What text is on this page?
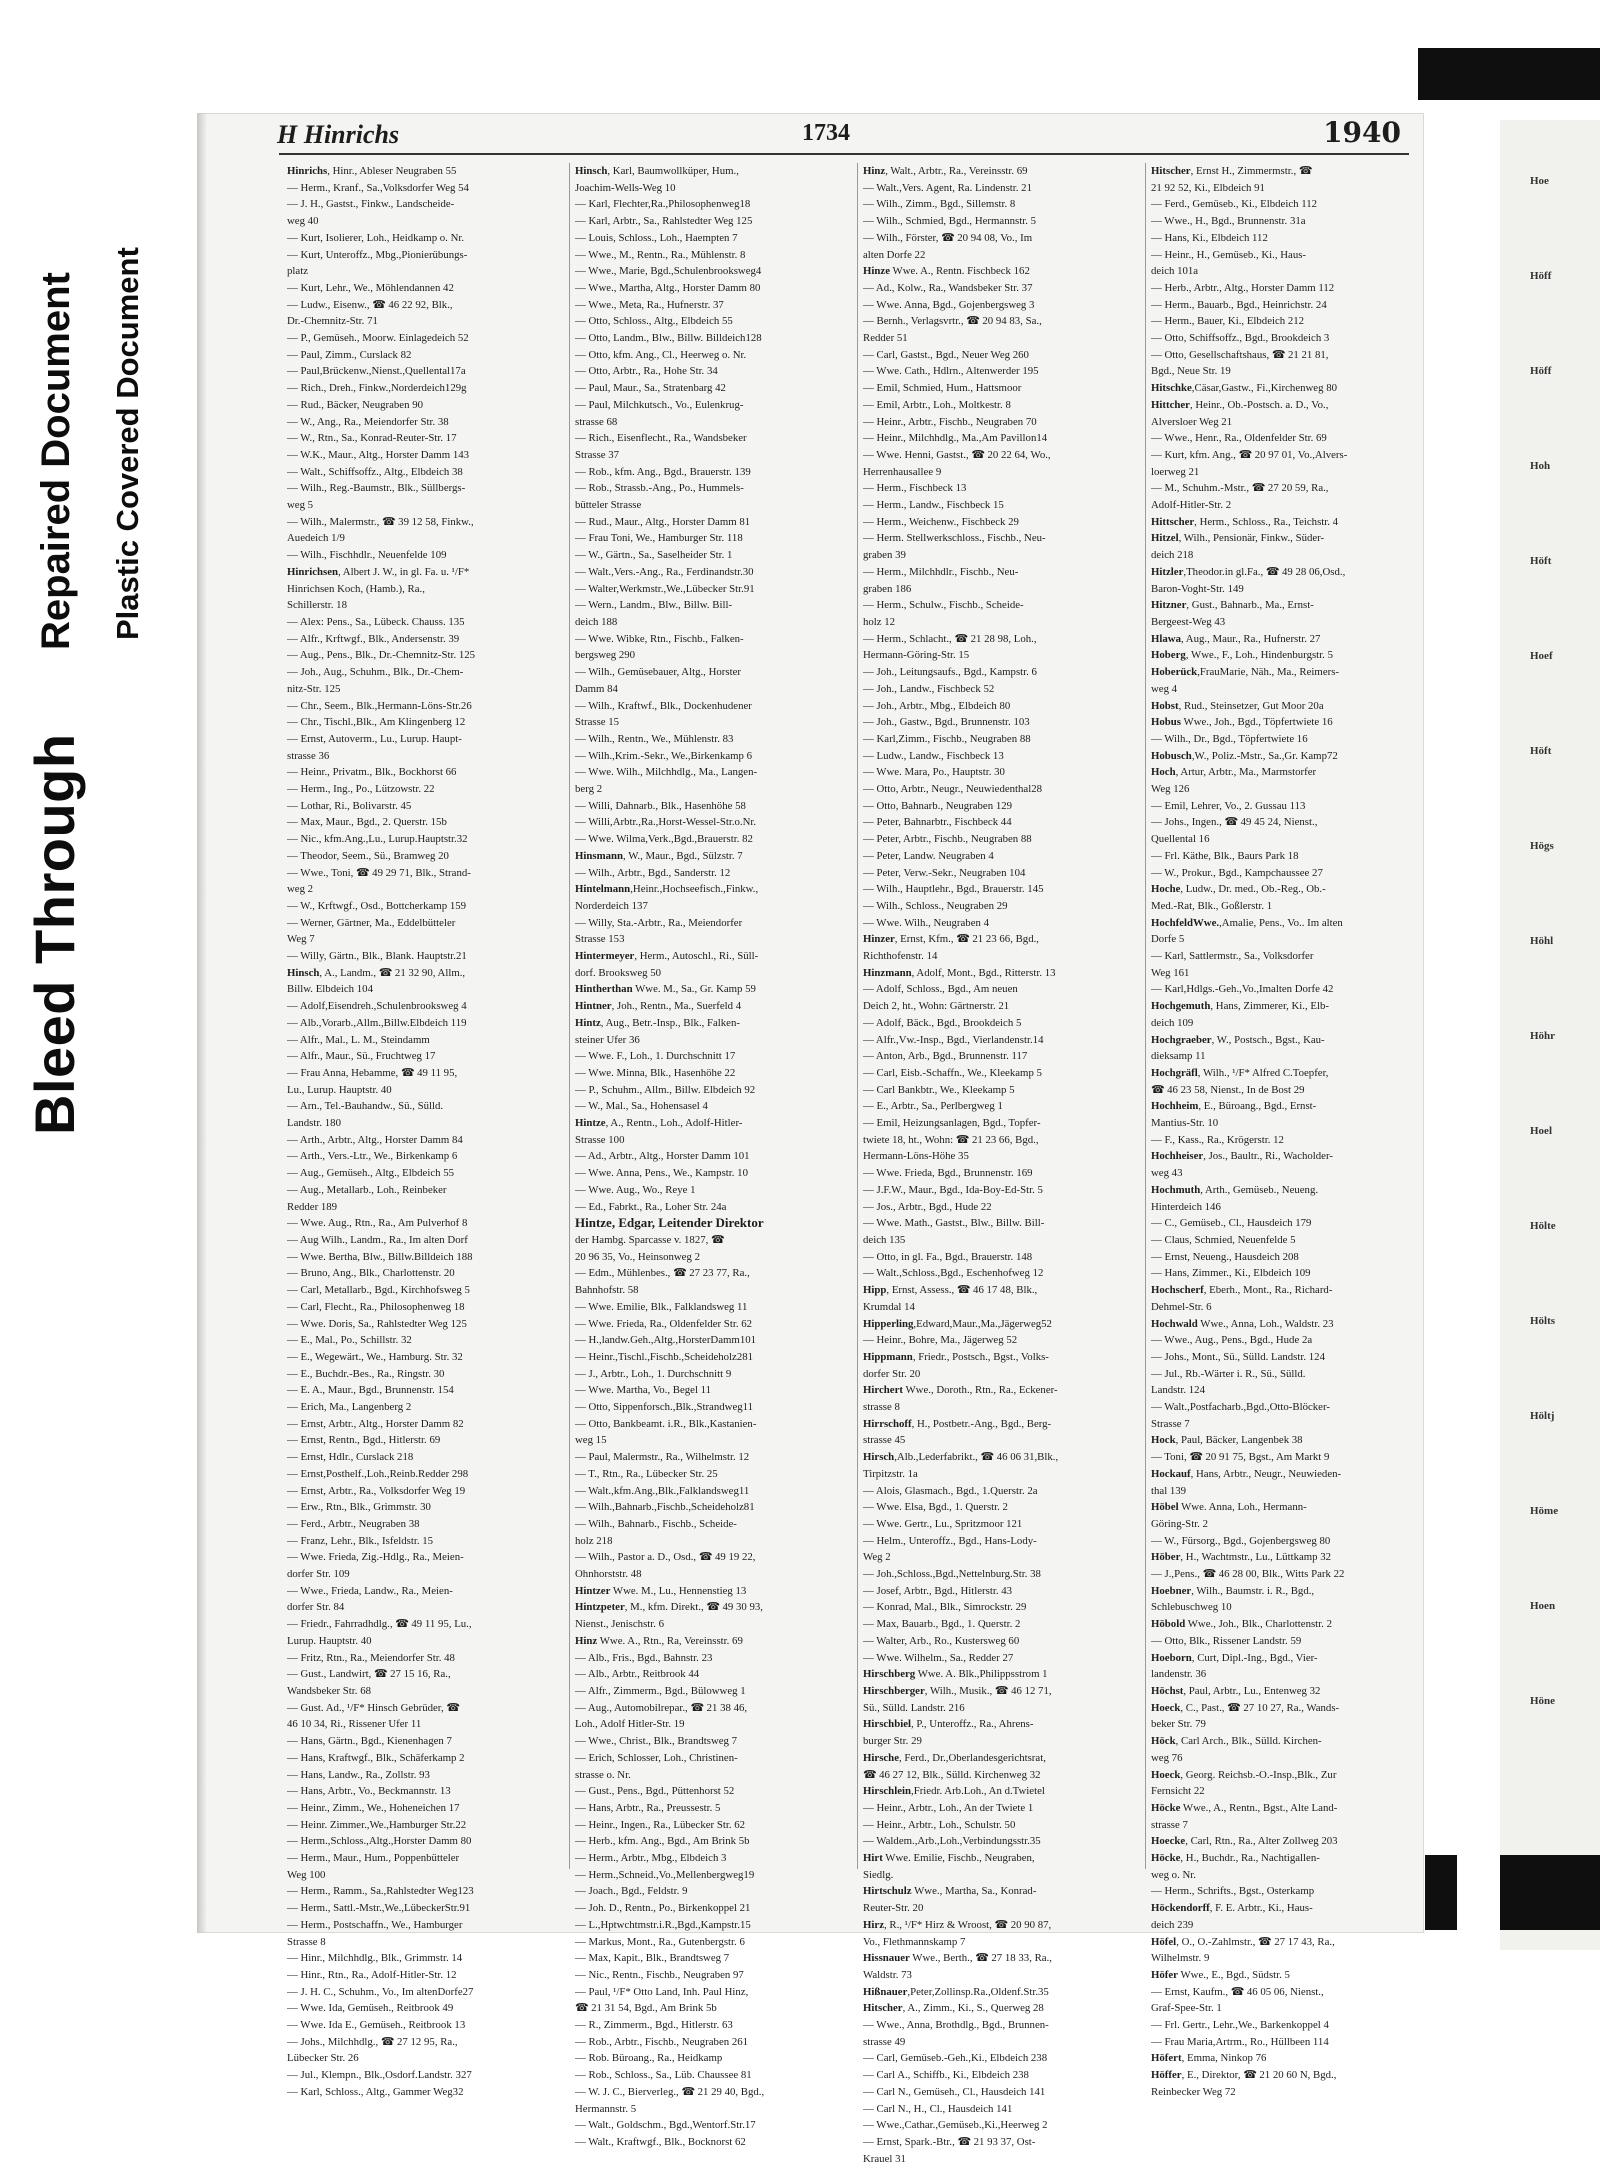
Bleed Through
Repaired Document Plastic Covered Document
Hoe
Höff
Höff
Hoh
Höft
Hoef
Höft
Högs
Höhl
Höhr
Hoel
Hölte
Hölts
Höltj
Höme
Hoen
Höne
H Hinrichs	1734	1940
Hinrichs, Hinr., Ableser Neugraben 55
— Herm., Kranf., Sa.,Volksdorfer Weg 54
— J. H., Gastst., Finkw., Landscheide-
weg 40
— Kurt, Isolierer, Loh., Heidkamp o. Nr.
— Kurt, Unteroffz., Mbg.,Pionierübungs-
platz
— Kurt, Lehr., We., Möhlendannen 42
— Ludw., Eisenw., ☎ 46 22 92, Blk.,
Dr.-Chemnitz-Str. 71
— P., Gemüseh., Moorw. Einlagedeich 52
— Paul, Zimm., Curslack 82
— Paul,Brückenw.,Nienst.,Quellental17a
— Rich., Dreh., Finkw.,Norderdeich129g
— Rud., Bäcker, Neugraben 90
— W., Ang., Ra., Meiendorfer Str. 38
— W., Rtn., Sa., Konrad-Reuter-Str. 17
— W.K., Maur., Altg., Horster Damm 143
— Walt., Schiffsoffz., Altg., Elbdeich 38
— Wilh., Reg.-Baumstr., Blk., Süllbergs-
weg 5
— Wilh., Malermstr., ☎ 39 12 58, Finkw.,
Auedeich 1/9
— Wilh., Fischhdlr., Neuenfelde 109
Hinrichsen, Albert J. W., in gl. Fa. u. ¹/F*
Hinrichsen Koch, (Hamb.), Ra.,
Schillerstr. 18
— Alex: Pens., Sa., Lübeck. Chauss. 135
— Alfr., Krftwgf., Blk., Andersenstr. 39
— Aug., Pens., Blk., Dr.-Chemnitz-Str. 125
— Joh., Aug., Schuhm., Blk., Dr.-Chem-
nitz-Str. 125
— Chr., Seem., Blk.,Hermann-Löns-Str.26
— Chr., Tischl.,Blk., Am Klingenberg 12
— Ernst, Autoverm., Lu., Lurup. Haupt-
strasse 36
— Heinr., Privatm., Blk., Bockhorst 66
— Herm., Ing., Po., Lützowstr. 22
— Lothar, Ri., Bolivarstr. 45
— Max, Maur., Bgd., 2. Querstr. 15b
— Nic., kfm.Ang.,Lu., Lurup.Hauptstr.32
— Theodor, Seem., Sü., Bramweg 20
— Wwe., Toni, ☎ 49 29 71, Blk., Strand-
weg 2
— W., Krftwgf., Osd., Bottcherkamp 159
— Werner, Gärtner, Ma., Eddelbütteler
Weg 7
— Willy, Gärtn., Blk., Blank. Hauptstr.21
Hinsch, A., Landm., ☎ 21 32 90, Allm.,
Billw. Elbdeich 104
— Adolf,Eisendreh.,Schulenbrooksweg 4
— Alb.,Vorarb.,Allm.,Billw.Elbdeich 119
— Alfr., Mal., L. M., Steindamm
— Alfr., Maur., Sü., Fruchtweg 17
— Frau Anna, Hebamme, ☎ 49 11 95,
Lu., Lurup. Hauptstr. 40
— Arn., Tel.-Bauhandw., Sü., Sülld.
Landstr. 180
— Arth., Arbtr., Altg., Horster Damm 84
— Arth., Vers.-Ltr., We., Birkenkamp 6
— Aug., Gemüseh., Altg., Elbdeich 55
— Aug., Metallarb., Loh., Reinbeker
Redder 189
— Wwe. Aug., Rtn., Ra., Am Pulverhof 8
— Aug Wilh., Landm., Ra., Im alten Dorf
— Wwe. Bertha, Blw., Billw.Billdeich 188
— Bruno, Ang., Blk., Charlottenstr. 20
— Carl, Metallarb., Bgd., Kirchhofsweg 5
— Carl, Flecht., Ra., Philosophenweg 18
— Wwe. Doris, Sa., Rahlstedter Weg 125
— E., Mal., Po., Schillstr. 32
— E., Wegewärt., We., Hamburg. Str. 32
— E., Buchdr.-Bes., Ra., Ringstr. 30
— E. A., Maur., Bgd., Brunnenstr. 154
— Erich, Ma., Langenberg 2
— Ernst, Arbtr., Altg., Horster Damm 82
— Ernst, Rentn., Bgd., Hitlerstr. 69
— Ernst, Hdlr., Curslack 218
— Ernst,Posthelf.,Loh.,Reinb.Redder 298
— Ernst, Arbtr., Ra., Volksdorfer Weg 19
— Erw., Rtn., Blk., Grimmstr. 30
— Ferd., Arbtr., Neugraben 38
— Franz, Lehr., Blk., Isfeldstr. 15
— Wwe. Frieda, Zig.-Hdlg., Ra., Meien-
dorfer Str. 109
— Wwe., Frieda, Landw., Ra., Meien-
dorfer Str. 84
— Friedr., Fahrradhdlg., ☎ 49 11 95, Lu.,
Lurup. Hauptstr. 40
— Fritz, Rtn., Ra., Meiendorfer Str. 48
— Gust., Landwirt, ☎ 27 15 16, Ra.,
Wandsbeker Str. 68
— Gust. Ad., ¹/F* Hinsch Gebrüder, ☎
46 10 34, Ri., Rissener Ufer 11
— Hans, Gärtn., Bgd., Kienenhagen 7
— Hans, Kraftwgf., Blk., Schäferkamp 2
— Hans, Landw., Ra., Zollstr. 93
— Hans, Arbtr., Vo., Beckmannstr. 13
— Heinr., Zimm., We., Hoheneichen 17
— Heinr. Zimmer.,We.,Hamburger Str.22
— Herm.,Schloss.,Altg.,Horster Damm 80
— Herm., Maur., Hum., Poppenbütteler
Weg 100
— Herm., Ramm., Sa.,Rahlstedter Weg123
— Herm., Sattl.-Mstr.,We.,LübeckerStr.91
— Herm., Postschaffn., We., Hamburger
Strasse 8
— Hinr., Milchhdlg., Blk., Grimmstr. 14
— Hinr., Rtn., Ra., Adolf-Hitler-Str. 12
— J. H. C., Schuhm., Vo., Im altenDorfe27
— Wwe. Ida, Gemüseh., Reitbrook 49
— Wwe. Ida E., Gemüseh., Reitbrook 13
— Johs., Milchhdlg., ☎ 27 12 95, Ra.,
Lübecker Str. 26
— Jul., Klempn., Blk.,Osdorf.Landstr. 327
— Karl, Schloss., Altg., Gammer Weg32
Hinsch, Karl, Baumwollküper, Hum.,
Joachim-Wells-Weg 10
— Karl, Flechter,Ra.,Philosophenweg18
— Karl, Arbtr., Sa., Rahlstedter Weg 125
— Louis, Schloss., Loh., Haempten 7
— Wwe., M., Rentn., Ra., Mühlenstr. 8
— Wwe., Marie, Bgd.,Schulenbrooksweg4
— Wwe., Martha, Altg., Horster Damm 80
— Wwe., Meta, Ra., Hufnerstr. 37
— Otto, Schloss., Altg., Elbdeich 55
— Otto, Landm., Blw., Billw. Billdeich128
— Otto, kfm. Ang., Cl., Heerweg o. Nr.
— Otto, Arbtr., Ra., Hohe Str. 34
— Paul, Maur., Sa., Stratenbarg 42
— Paul, Milchkutsch., Vo., Eulenkrug-
strasse 68
— Rich., Eisenflecht., Ra., Wandsbeker
Strasse 37
— Rob., kfm. Ang., Bgd., Brauerstr. 139
— Rob., Strassb.-Ang., Po., Hummels-
bütteler Strasse
— Rud., Maur., Altg., Horster Damm 81
— Frau Toni, We., Hamburger Str. 118
— W., Gärtn., Sa., Saselheider Str. 1
— Walt.,Vers.-Ang., Ra., Ferdinandstr.30
— Walter,Werkmstr.,We.,Lübecker Str.91
— Wern., Landm., Blw., Billw. Bill-
deich 188
— Wwe. Wibke, Rtn., Fischb., Falken-
bergsweg 290
— Wilh., Gemüsebauer, Altg., Horster
Damm 84
— Wilh., Kraftwf., Blk., Dockenhudener
Strasse 15
— Wilh., Rentn., We., Mühlenstr. 83
— Wilh.,Krim.-Sekr., We.,Birkenkamp 6
— Wwe. Wilh., Milchhdlg., Ma., Langen-
berg 2
— Willi, Dahnarb., Blk., Hasenhöhe 58
— Willi,Arbtr.,Ra.,Horst-Wessel-Str.o.Nr.
— Wwe. Wilma,Verk.,Bgd.,Brauerstr. 82
Hinsmann, W., Maur., Bgd., Sülzstr. 7
— Wilh., Arbtr., Bgd., Sanderstr. 12
Hintelmann,Heinr.,Hochseefisch.,Finkw.,
Norderdeich 137
— Willy, Sta.-Arbtr., Ra., Meiendorfer
Strasse 153
Hintermeyer, Herm., Autoschl., Ri., Süll-
dorf. Brooksweg 50
Hintherthan Wwe. M., Sa., Gr. Kamp 59
Hintner, Joh., Rentn., Ma., Suerfeld 4
Hintz, Aug., Betr.-Insp., Blk., Falken-
steiner Ufer 36
— Wwe. F., Loh., 1. Durchschnitt 17
— Wwe. Minna, Blk., Hasenhöhe 22
— P., Schuhm., Allm., Billw. Elbdeich 92
— W., Mal., Sa., Hohensasel 4
Hintze, A., Rentn., Loh., Adolf-Hitler-
Strasse 100
— Ad., Arbtr., Altg., Horster Damm 101
— Wwe. Anna, Pens., We., Kampstr. 10
— Wwe. Aug., Wo., Reye 1
— Ed., Fabrkt., Ra., Loher Str. 24a
Hintze, Edgar, Leitender Direktor
der Hambg. Sparcasse v. 1827, ☎
20 96 35, Vo., Heinsonweg 2
— Edm., Mühlenbes., ☎ 27 23 77, Ra.,
Bahnhofstr. 58
— Wwe. Emilie, Blk., Falklandsweg 11
— Wwe. Frieda, Ra., Oldenfelder Str. 62
— H.,landw.Geh.,Altg.,HorsterDamm101
— Heinr.,Tischl.,Fischb.,Scheideholz281
— J., Arbtr., Loh., 1. Durchschnitt 9
— Wwe. Martha, Vo., Begel 11
— Otto, Sippenforsch.,Blk.,Strandweg11
— Otto, Bankbeamt. i.R., Blk.,Kastanien-
weg 15
— Paul, Malermstr., Ra., Wilhelmstr. 12
— T., Rtn., Ra., Lübecker Str. 25
— Walt.,kfm.Ang.,Blk.,Falklandsweg11
— Wilh.,Bahnarb.,Fischb.,Scheideholz81
— Wilh., Bahnarb., Fischb., Scheide-
holz 218
— Wilh., Pastor a. D., Osd., ☎ 49 19 22,
Ohnhorststr. 48
Hintzer Wwe. M., Lu., Hennenstieg 13
Hintzpeter, M., kfm. Direkt., ☎ 49 30 93,
Nienst., Jenischstr. 6
Hinz Wwe. A., Rtn., Ra, Vereinsstr. 69
— Alb., Fris., Bgd., Bahnstr. 23
— Alb., Arbtr., Reitbrook 44
— Alfr., Zimmerm., Bgd., Bülowweg 1
— Aug., Automobilrepar., ☎ 21 38 46,
Loh., Adolf Hitler-Str. 19
— Wwe., Christ., Blk., Brandtsweg 7
— Erich, Schlosser, Loh., Christinen-
strasse o. Nr.
— Gust., Pens., Bgd., Püttenhorst 52
— Hans, Arbtr., Ra., Preussestr. 5
— Heinr., Ingen., Ra., Lübecker Str. 62
— Herb., kfm. Ang., Bgd., Am Brink 5b
— Herm., Arbtr., Mbg., Elbdeich 3
— Herm.,Schneid.,Vo.,Mellenbergweg19
— Joach., Bgd., Feldstr. 9
— Joh. D., Rentn., Po., Birkenkoppel 21
— L.,Hptwchtmstr.i.R.,Bgd.,Kampstr.15
— Markus, Mont., Ra., Gutenbergstr. 6
— Max, Kapit., Blk., Brandtsweg 7
— Nic., Rentn., Fischb., Neugraben 97
— Paul, ¹/F* Otto Land, Inh. Paul Hinz,
☎ 21 31 54, Bgd., Am Brink 5b
— R., Zimmerm., Bgd., Hitlerstr. 63
— Rob., Arbtr., Fischb., Neugraben 261
— Rob. Büroang., Ra., Heidkamp
— Rob., Schloss., Sa., Lüb. Chaussee 81
— W. J. C., Bierverleg., ☎ 21 29 40, Bgd.,
Hermannstr. 5
— Walt., Goldschm., Bgd.,Wentorf.Str.17
— Walt., Kraftwgf., Blk., Bocknorst 62
Hinz, Walt., Arbtr., Ra., Vereinsstr. 69
— Walt.,Vers. Agent, Ra. Lindenstr. 21
— Wilh., Zimm., Bgd., Sillemstr. 8
— Wilh., Schmied, Bgd., Hermannstr. 5
— Wilh., Förster, ☎ 20 94 08, Vo., Im
alten Dorfe 22
Hinze Wwe. A., Rentn. Fischbeck 162
— Ad., Kolw., Ra., Wandsbeker Str. 37
— Wwe. Anna, Bgd., Gojenbergsweg 3
— Bernh., Verlagsvrtr., ☎ 20 94 83, Sa.,
Redder 51
— Carl, Gastst., Bgd., Neuer Weg 260
— Wwe. Cath., Hdlrn., Altenwerder 195
— Emil, Schmied, Hum., Hattsmoor
— Emil, Arbtr., Loh., Moltkestr. 8
— Heinr., Arbtr., Fischb., Neugraben 70
— Heinr., Milchhdlg., Ma.,Am Pavillon14
— Wwe. Henni, Gastst., ☎ 20 22 64, Wo.,
Herrenhausallee 9
— Herm., Fischbeck 13
— Herm., Landw., Fischbeck 15
— Herm., Weichenw., Fischbeck 29
— Herm. Stellwerkschloss., Fischb., Neu-
graben 39
— Herm., Milchhdlr., Fischb., Neu-
graben 186
— Herm., Schulw., Fischb., Scheide-
holz 12
— Herm., Schlacht., ☎ 21 28 98, Loh.,
Hermann-Göring-Str. 15
— Joh., Leitungsaufs., Bgd., Kampstr. 6
— Joh., Landw., Fischbeck 52
— Joh., Arbtr., Mbg., Elbdeich 80
— Joh., Gastw., Bgd., Brunnenstr. 103
— Karl,Zimm., Fischb., Neugraben 88
— Ludw., Landw., Fischbeck 13
— Wwe. Mara, Po., Hauptstr. 30
— Otto, Arbtr., Neugr., Neuwiedenthal28
— Otto, Bahnarb., Neugraben 129
— Peter, Bahnarbtr., Fischbeck 44
— Peter, Arbtr., Fischb., Neugraben 88
— Peter, Landw. Neugraben 4
— Peter, Verw.-Sekr., Neugraben 104
— Wilh., Hauptlehr., Bgd., Brauerstr. 145
— Wilh., Schloss., Neugraben 29
— Wwe. Wilh., Neugraben 4
Hinzer, Ernst, Kfm., ☎ 21 23 66, Bgd.,
Richthofenstr. 14
Hinzmann, Adolf, Mont., Bgd., Ritterstr. 13
— Adolf, Schloss., Bgd., Am neuen
Deich 2, ht., Wohn: Gärtnerstr. 21
— Adolf, Bäck., Bgd., Brookdeich 5
— Alfr.,Vw.-Insp., Bgd., Vierlandenstr.14
— Anton, Arb., Bgd., Brunnenstr. 117
— Carl, Eisb.-Schaffn., We., Kleekamp 5
— Carl Bankbtr., We., Kleekamp 5
— E., Arbtr., Sa., Perlbergweg 1
— Emil, Heizungsanlagen, Bgd., Topfer-
twiete 18, ht., Wohn: ☎ 21 23 66, Bgd.,
Hermann-Löns-Höhe 35
— Wwe. Frieda, Bgd., Brunnenstr. 169
— J.F.W., Maur., Bgd., Ida-Boy-Ed-Str. 5
— Jos., Arbtr., Bgd., Hude 22
— Wwe. Math., Gastst., Blw., Billw. Bill-
deich 135
— Otto, in gl. Fa., Bgd., Brauerstr. 148
— Walt.,Schloss.,Bgd., Eschenhofweg 12
Hipp, Ernst, Assess., ☎ 46 17 48, Blk.,
Krumdal 14
Hipperling,Edward,Maur.,Ma.,Jägerweg52
— Heinr., Bohre, Ma., Jägerweg 52
Hippmann, Friedr., Postsch., Bgst., Volks-
dorfer Str. 20
Hirchert Wwe., Doroth., Rtn., Ra., Eckener-
strasse 8
Hirrschoff, H., Postbetr.-Ang., Bgd., Berg-
strasse 45
Hirsch,Alb.,Lederfabrikt., ☎ 46 06 31,Blk.,
Tirpitzstr. 1a
— Alois, Glasmach., Bgd., 1.Querstr. 2a
— Wwe. Elsa, Bgd., 1. Querstr. 2
— Wwe. Gertr., Lu., Spritzmoor 121
— Helm., Unteroffz., Bgd., Hans-Lody-
Weg 2
— Joh.,Schloss.,Bgd.,Nettelnburg.Str. 38
— Josef, Arbtr., Bgd., Hitlerstr. 43
— Konrad, Mal., Blk., Simrockstr. 29
— Max, Bauarb., Bgd., 1. Querstr. 2
— Walter, Arb., Ro., Kustersweg 60
— Wwe. Wilhelm., Sa., Redder 27
Hirschberg Wwe. A. Blk.,Philippsstrom 1
Hirschberger, Wilh., Musik., ☎ 46 12 71,
Sü., Sülld. Landstr. 216
Hirschbiel, P., Unteroffz., Ra., Ahrens-
burger Str. 29
Hirsche, Ferd., Dr.,Oberlandesgerichtsrat,
☎ 46 27 12, Blk., Sülld. Kirchenweg 32
Hirschlein,Friedr. Arb.Loh., An d.Twietel
— Heinr., Arbtr., Loh., An der Twiete 1
— Heinr., Arbtr., Loh., Schulstr. 50
— Waldem.,Arb.,Loh.,Verbindungsstr.35
Hirt Wwe. Emilie, Fischb., Neugraben,
Siedlg.
Hirtschulz Wwe., Martha, Sa., Konrad-
Reuter-Str. 20
Hirz, R., ¹/F* Hirz & Wroost, ☎ 20 90 87,
Vo., Flethmannskamp 7
Hissnauer Wwe., Berth., ☎ 27 18 33, Ra.,
Waldstr. 73
Hißnauer,Peter,Zollinsp.Ra.,Oldenf.Str.35
Hitscher, A., Zimm., Ki., S., Querweg 28
— Wwe., Anna, Brothdlg., Bgd., Brunnen-
strasse 49
— Carl, Gemüseb.-Geh.,Ki., Elbdeich 238
— Carl A., Schiffb., Ki., Elbdeich 238
— Carl N., Gemüseh., Cl., Hausdeich 141
— Carl N., H., Cl., Hausdeich 141
— Wwe.,Cathar.,Gemüseb.,Ki.,Heerweg 2
— Ernst, Spark.-Btr., ☎ 21 93 37, Ost-
Krauel 31
Hitscher, Ernst H., Zimmermstr., ☎
21 92 52, Ki., Elbdeich 91
— Ferd., Gemüseb., Ki., Elbdeich 112
— Wwe., H., Bgd., Brunnenstr. 31a
— Hans, Ki., Elbdeich 112
— Heinr., H., Gemüseb., Ki., Haus-
deich 101a
— Herb., Arbtr., Altg., Horster Damm 112
— Herm., Bauarb., Bgd., Heinrichstr. 24
— Herm., Bauer, Ki., Elbdeich 212
— Otto, Schiffsoffz., Bgd., Brookdeich 3
— Otto, Gesellschaftshaus, ☎ 21 21 81,
Bgd., Neue Str. 19
Hitschke,Cäsar,Gastw., Fi.,Kirchenweg 80
Hittcher, Heinr., Ob.-Postsch. a. D., Vo.,
Alversloer Weg 21
— Wwe., Henr., Ra., Oldenfelder Str. 69
— Kurt, kfm. Ang., ☎ 20 97 01, Vo.,Alvers-
loerweg 21
— M., Schuhm.-Mstr., ☎ 27 20 59, Ra.,
Adolf-Hitler-Str. 2
Hittscher, Herm., Schloss., Ra., Teichstr. 4
Hitzel, Wilh., Pensionär, Finkw., Süder-
deich 218
Hitzler,Theodor.in gl.Fa., ☎ 49 28 06,Osd.,
Baron-Voght-Str. 149
Hitzner, Gust., Bahnarb., Ma., Ernst-
Bergeest-Weg 43
Hlawa, Aug., Maur., Ra., Hufnerstr. 27
Hoberg, Wwe., F., Loh., Hindenburgstr. 5
Hoberück,FrauMarie, Näh., Ma., Reimers-
weg 4
Hobst, Rud., Steinsetzer, Gut Moor 20a
Hobus Wwe., Joh., Bgd., Töpfertwiete 16
— Wilh., Dr., Bgd., Töpfertwiete 16
Hobusch,W., Poliz.-Mstr., Sa.,Gr. Kamp72
Hoch, Artur, Arbtr., Ma., Marmstorfer
Weg 126
— Emil, Lehrer, Vo., 2. Gussau 113
— Johs., Ingen., ☎ 49 45 24, Nienst.,
Quellental 16
— Frl. Käthe, Blk., Baurs Park 18
— W., Prokur., Bgd., Kampchaussee 27
Hoche, Ludw., Dr. med., Ob.-Reg., Ob.-
Med.-Rat, Blk., Goßlerstr. 1
HochfeldWwe.,Amalie, Pens., Vo.. Im alten
Dorfe 5
— Karl, Sattlermstr., Sa., Volksdorfer
Weg 161
— Karl,Hdlgs.-Geh.,Vo.,Imalten Dorfe 42
Hochgemuth, Hans, Zimmerer, Ki., Elb-
deich 109
Hochgraeber, W., Postsch., Bgst., Kau-
dieksamp 11
Hochgräfl, Wilh., ¹/F* Alfred C.Toepfer,
☎ 46 23 58, Nienst., In de Bost 29
Hochheim, E., Büroang., Bgd., Ernst-
Mantius-Str. 10
— F., Kass., Ra., Krögerstr. 12
Hochheiser, Jos., Baultr., Ri., Wacholder-
weg 43
Hochmuth, Arth., Gemüseb., Neueng.
Hinterdeich 146
— C., Gemüseb., Cl., Hausdeich 179
— Claus, Schmied, Neuenfelde 5
— Ernst, Neueng., Hausdeich 208
— Hans, Zimmer., Ki., Elbdeich 109
Hochscherf, Eberh., Mont., Ra., Richard-
Dehmel-Str. 6
Hochwald Wwe., Anna, Loh., Waldstr. 23
— Wwe., Aug., Pens., Bgd., Hude 2a
— Johs., Mont., Sü., Sülld. Landstr. 124
— Jul., Rb.-Wärter i. R., Sü., Sülld.
Landstr. 124
— Walt.,Postfacharb.,Bgd.,Otto-Blöcker-
Strasse 7
Hock, Paul, Bäcker, Langenbek 38
— Toni, ☎ 20 91 75, Bgst., Am Markt 9
Hockauf, Hans, Arbtr., Neugr., Neuwieden-
thal 139
Höbel Wwe. Anna, Loh., Hermann-
Göring-Str. 2
— W., Fürsorg., Bgd., Gojenbergsweg 80
Höber, H., Wachtmstr., Lu., Lüttkamp 32
— J.,Pens., ☎ 46 28 00, Blk., Witts Park 22
Hoebner, Wilh., Baumstr. i. R., Bgd.,
Schlebuschweg 10
Höbold Wwe., Joh., Blk., Charlottenstr. 2
— Otto, Blk., Rissener Landstr. 59
Hoeborn, Curt, Dipl.-Ing., Bgd., Vier-
landenstr. 36
Höchst, Paul, Arbtr., Lu., Entenweg 32
Hoeck, C., Past., ☎ 27 10 27, Ra., Wands-
beker Str. 79
Höck, Carl Arch., Blk., Sülld. Kirchen-
weg 76
Hoeck, Georg. Reichsb.-O.-Insp.,Blk., Zur
Fernsicht 22
Höcke Wwe., A., Rentn., Bgst., Alte Land-
strasse 7
Hoecke, Carl, Rtn., Ra., Alter Zollweg 203
Höcke, H., Buchdr., Ra., Nachtigallen-
weg o. Nr.
— Herm., Schrifts., Bgst., Osterkamp
Höckendorff, F. E. Arbtr., Ki., Haus-
deich 239
Höfel, O., O.-Zahlmstr., ☎ 27 17 43, Ra.,
Wilhelmstr. 9
Höfer Wwe., E., Bgd., Südstr. 5
— Ernst, Kaufm., ☎ 46 05 06, Nienst.,
Graf-Spee-Str. 1
— Frl. Gertr., Lehr.,We., Barkenkoppel 4
— Frau Maria,Artrm., Ro., Hüllbeen 114
Höfert, Emma, Ninkop 76
Höffer, E., Direktor, ☎ 21 20 60 N, Bgd.,
Reinbecker Weg 72
